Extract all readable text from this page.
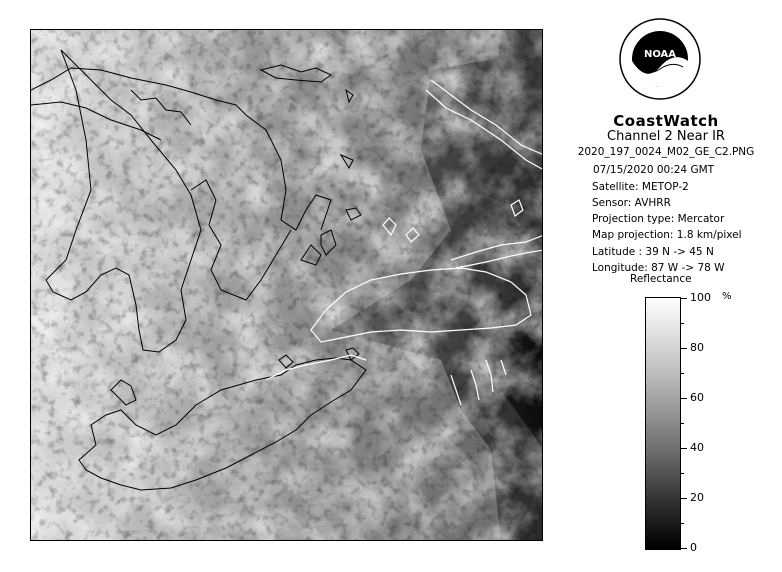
NOAA
CoastWatch
Channel 2 Near IR
2020_197_0024_M02_GE_C2.PNG
07/15/2020 00:24 GMT
Satellite: METOP-2
Sensor: AVHRR
Projection type: Mercator
Map projection: 1.8 km/pixel
Latitude : 39 N -> 45 N
Longitude: 87 W -> 78 W
Reflectance
%
100
80
60
40
20
0
